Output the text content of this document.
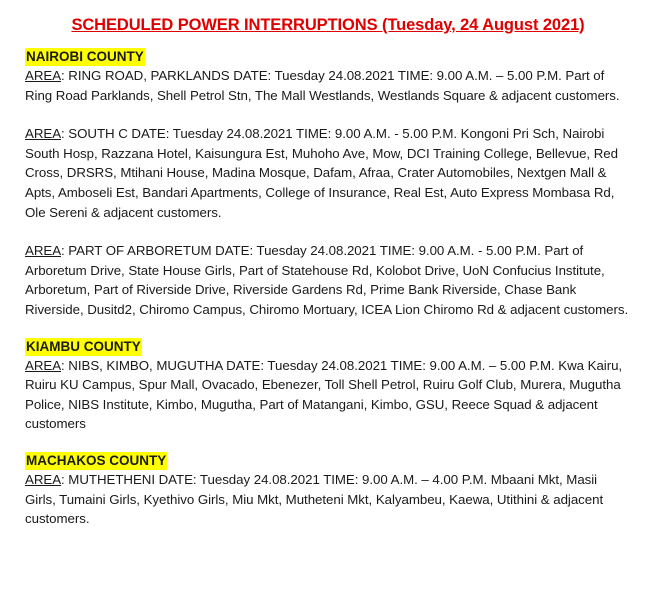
SCHEDULED POWER INTERRUPTIONS (Tuesday, 24 August 2021)
NAIROBI COUNTY

AREA: RING ROAD, PARKLANDS DATE: Tuesday 24.08.2021 TIME: 9.00 A.M. – 5.00 P.M. Part of Ring Road Parklands, Shell Petrol Stn, The Mall Westlands, Westlands Square & adjacent customers.

AREA: SOUTH C DATE: Tuesday 24.08.2021 TIME: 9.00 A.M. - 5.00 P.M. Kongoni Pri Sch, Nairobi South Hosp, Razzana Hotel, Kaisungura Est, Muhoho Ave, Mow, DCI Training College, Bellevue, Red Cross, DRSRS, Mtihani House, Madina Mosque, Dafam, Afraa, Crater Automobiles, Nextgen Mall & Apts, Amboseli Est, Bandari Apartments, College of Insurance, Real Est, Auto Express Mombasa Rd, Ole Sereni & adjacent customers.

AREA: PART OF ARBORETUM DATE: Tuesday 24.08.2021 TIME: 9.00 A.M. - 5.00 P.M. Part of Arboretum Drive, State House Girls, Part of Statehouse Rd, Kolobot Drive, UoN Confucius Institute, Arboretum, Part of Riverside Drive, Riverside Gardens Rd, Prime Bank Riverside, Chase Bank Riverside, Dusitd2, Chiromo Campus, Chiromo Mortuary, ICEA Lion Chiromo Rd & adjacent customers.

KIAMBU COUNTY

AREA: NIBS, KIMBO, MUGUTHA DATE: Tuesday 24.08.2021 TIME: 9.00 A.M. – 5.00 P.M. Kwa Kairu, Ruiru KU Campus, Spur Mall, Ovacado, Ebenezer, Toll Shell Petrol, Ruiru Golf Club, Murera, Mugutha Police, NIBS Institute, Kimbo, Mugutha, Part of Matangani, Kimbo, GSU, Reece Squad & adjacent customers

MACHAKOS COUNTY

AREA: MUTHETHENI DATE: Tuesday 24.08.2021 TIME: 9.00 A.M. – 4.00 P.M. Mbaani Mkt, Masii Girls, Tumaini Girls, Kyethivo Girls, Miu Mkt, Mutheteni Mkt, Kalyambeu, Kaewa, Utithini & adjacent customers.
